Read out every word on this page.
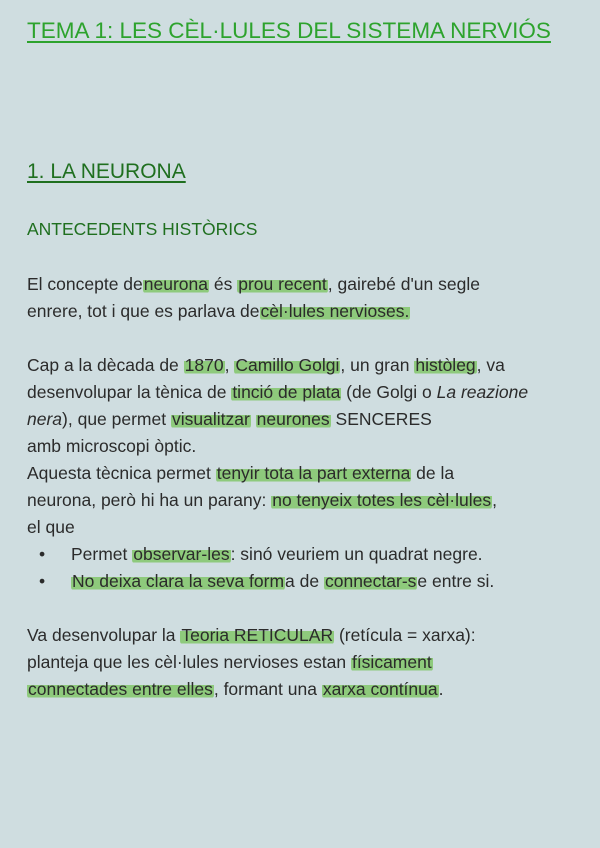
TEMA 1: LES CÈL·LULES DEL SISTEMA NERVIÓS
1. LA NEURONA
ANTECEDENTS HISTÒRICS

El concepte deneurona és prou recent, gairebé d'un segle
enrere, tot i que es parlava decèl·lules nervioses.

Cap a la dècada de 1870, Camillo Golgi, un gran històleg, va
desenvolupar la tènica de tinció de plata (de Golgi o La reazione nera), que permet visualitzar neurones SENCERES
amb microscopi òptic.

Aquesta tècnica permet tenyir tota la part externa de la
neurona, però hi ha un parany: no tenyeix totes les cèl·lules,
el que

• Permet observar-les: sinó veuriem un quadrat negre.
• No deixa clara la seva forma de connectar-se entre si.

Va desenvolupar la Teoria RETICULAR (retícula = xarxa):
planteja que les cèl·lules nervioses estan físicament
connectades entre elles, formant una xarxa contínua.
